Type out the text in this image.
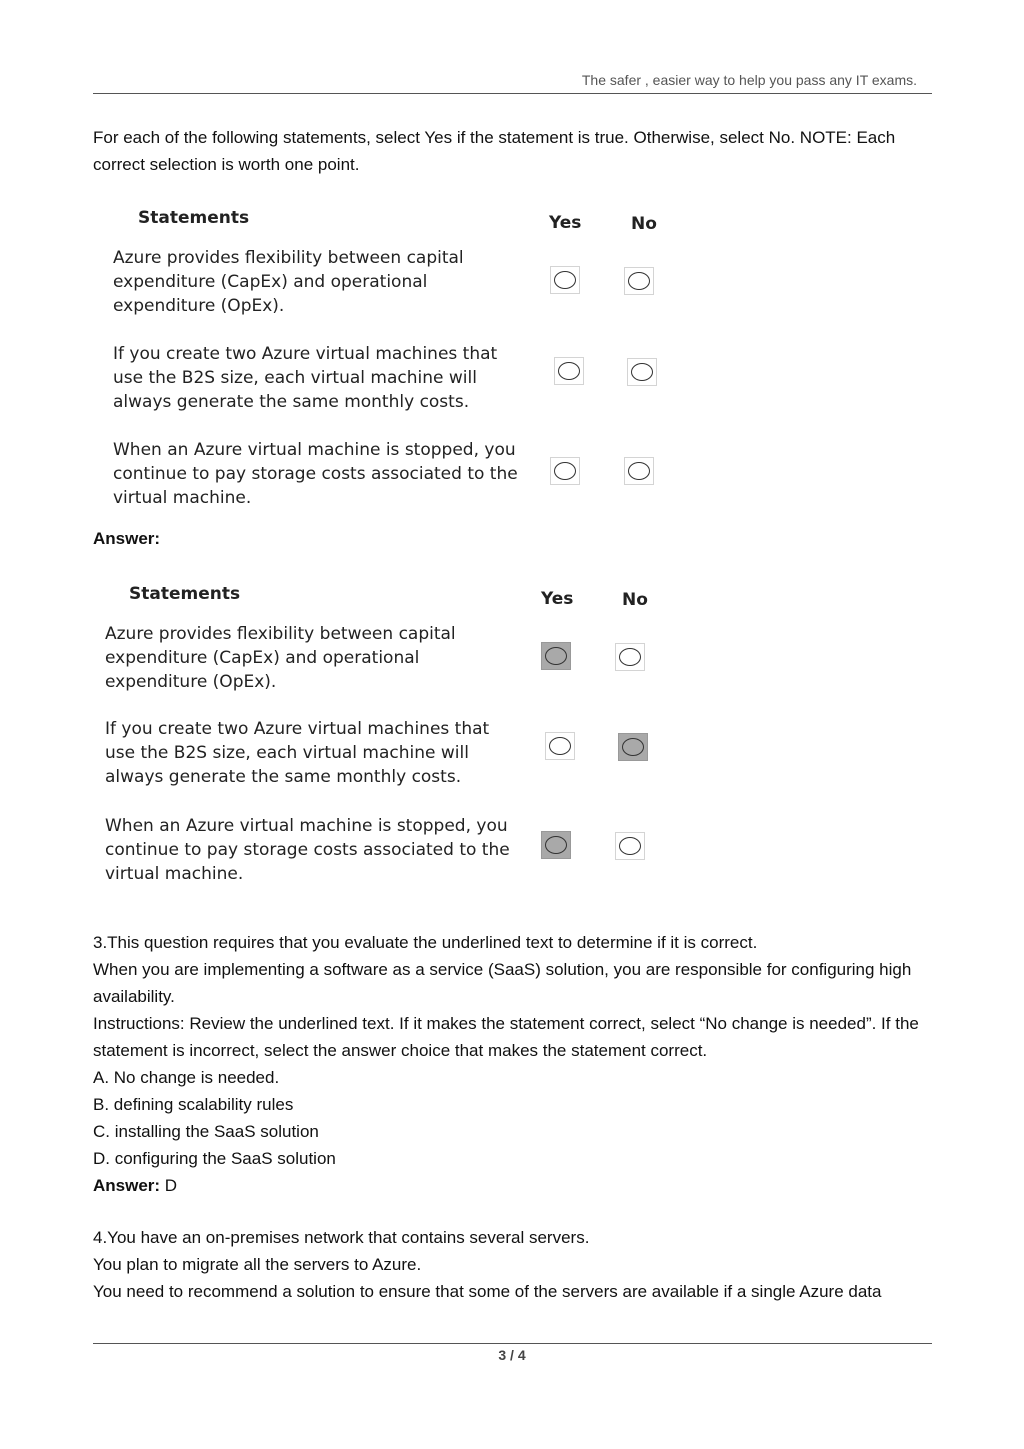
The safer , easier way to help you pass any IT exams.

For each of the following statements, select Yes if the statement is true. Otherwise, select No. NOTE: Each correct selection is worth one point.

Statements	Yes	No
Azure provides flexibility between capital
expenditure (CapEx) and operational
expenditure (OpEx).
If you create two Azure virtual machines that
use the B2S size, each virtual machine will
always generate the same monthly costs.
When an Azure virtual machine is stopped, you
continue to pay storage costs associated to the
virtual machine.
Answer:
Statements	Yes	No
Azure provides flexibility between capital
expenditure (CapEx) and operational
expenditure (OpEx).
If you create two Azure virtual machines that
use the B2S size, each virtual machine will
always generate the same monthly costs.
When an Azure virtual machine is stopped, you
continue to pay storage costs associated to the
virtual machine.

3.This question requires that you evaluate the underlined text to determine if it is correct.

When you are implementing a software as a service (SaaS) solution, you are responsible for configuring high availability.

Instructions: Review the underlined text. If it makes the statement correct, select “No change is needed”. If the statement is incorrect, select the answer choice that makes the statement correct.

A. No change is needed.

B. defining scalability rules

C. installing the SaaS solution

D. configuring the SaaS solution

Answer: D

4.You have an on-premises network that contains several servers.

You plan to migrate all the servers to Azure.

You need to recommend a solution to ensure that some of the servers are available if a single Azure data

3 / 4
